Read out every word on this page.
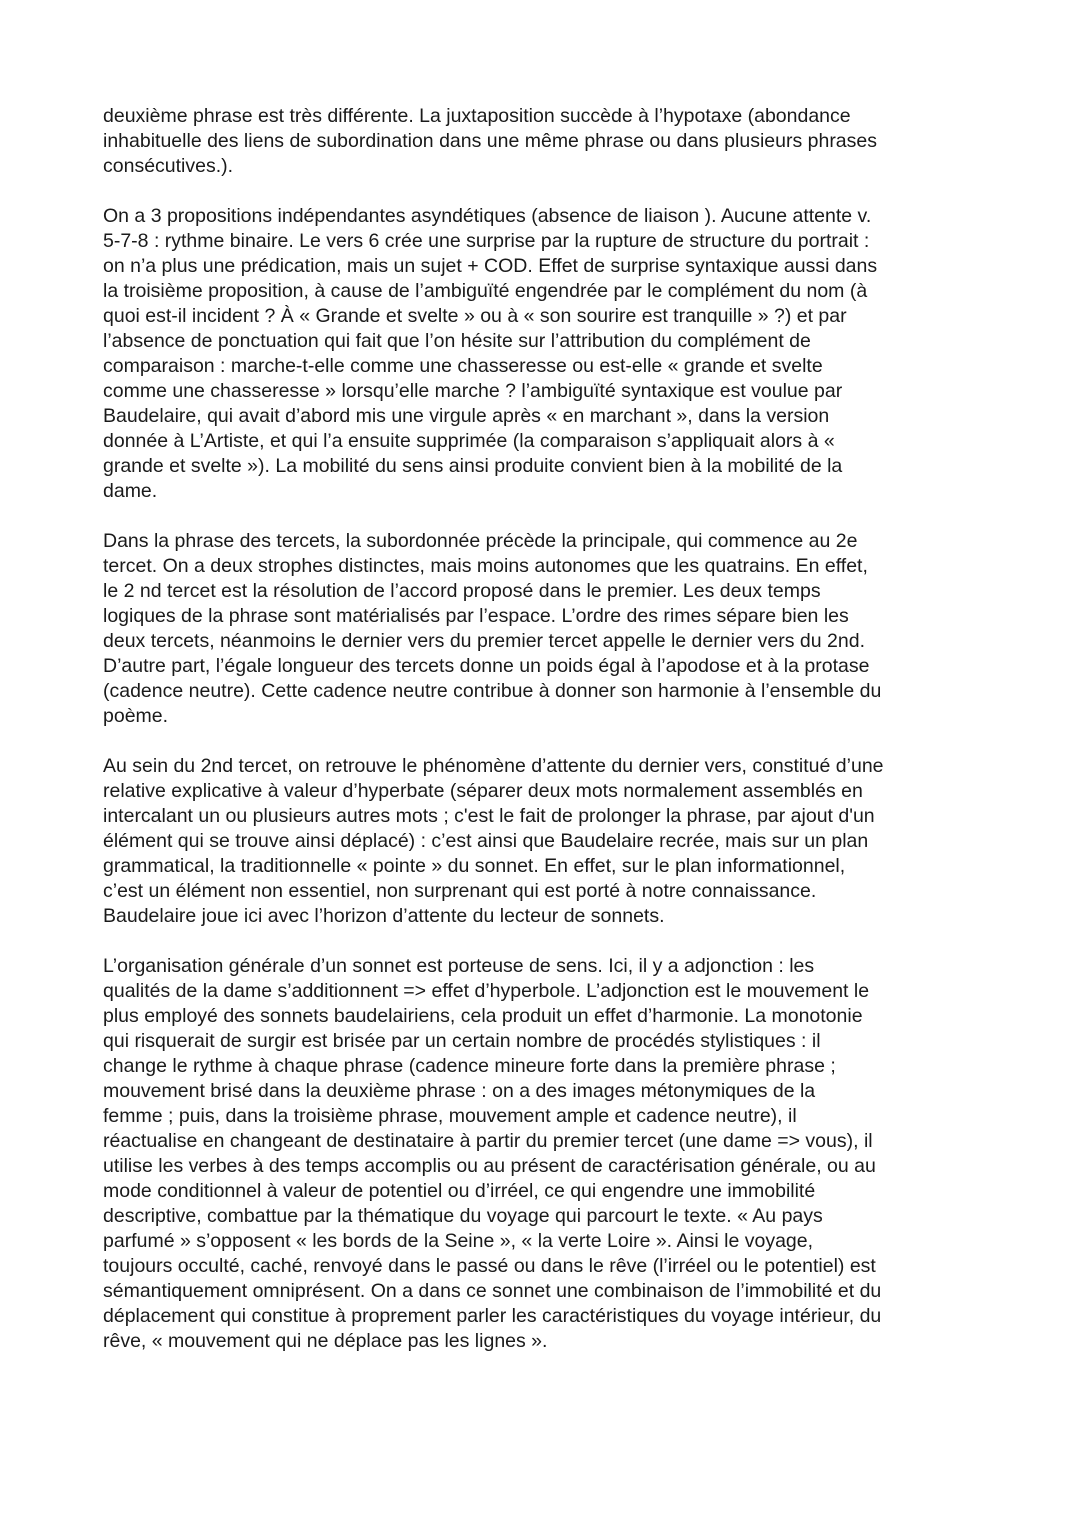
deuxième phrase est très différente. La juxtaposition succède à l’hypotaxe (abondance
inhabituelle des liens de subordination dans une même phrase ou dans plusieurs phrases
consécutives.).

On a 3 propositions indépendantes asyndétiques (absence de liaison ). Aucune attente v.
5-7-8 : rythme binaire. Le vers 6 crée une surprise par la rupture de structure du portrait :
on n’a plus une prédication, mais un sujet + COD. Effet de surprise syntaxique aussi dans
la troisième proposition, à cause de l’ambiguïté engendrée par le complément du nom (à
quoi est-il incident ? À « Grande et svelte » ou à « son sourire est tranquille » ?) et par
l’absence de ponctuation qui fait que l’on hésite sur l’attribution du complément de
comparaison : marche-t-elle comme une chasseresse ou est-elle « grande et svelte
comme une chasseresse » lorsqu’elle marche ? l’ambiguïté syntaxique est voulue par
Baudelaire, qui avait d’abord mis une virgule après « en marchant », dans la version
donnée à L’Artiste, et qui l’a ensuite supprimée (la comparaison s’appliquait alors à «
grande et svelte »). La mobilité du sens ainsi produite convient bien à la mobilité de la
dame.

Dans la phrase des tercets, la subordonnée précède la principale, qui commence au 2e
tercet. On a deux strophes distinctes, mais moins autonomes que les quatrains. En effet,
le 2 nd tercet est la résolution de l’accord proposé dans le premier. Les deux temps
logiques de la phrase sont matérialisés par l’espace. L’ordre des rimes sépare bien les
deux tercets, néanmoins le dernier vers du premier tercet appelle le dernier vers du 2nd.
D’autre part, l’égale longueur des tercets donne un poids égal à l’apodose et à la protase
(cadence neutre). Cette cadence neutre contribue à donner son harmonie à l’ensemble du
poème.

Au sein du 2nd tercet, on retrouve le phénomène d’attente du dernier vers, constitué d’une
relative explicative à valeur d’hyperbate (séparer deux mots normalement assemblés en
intercalant un ou plusieurs autres mots ; c'est le fait de prolonger la phrase, par ajout d'un
élément qui se trouve ainsi déplacé) : c’est ainsi que Baudelaire recrée, mais sur un plan
grammatical, la traditionnelle « pointe » du sonnet. En effet, sur le plan informationnel,
c’est un élément non essentiel, non surprenant qui est porté à notre connaissance.
Baudelaire joue ici avec l’horizon d’attente du lecteur de sonnets.

L’organisation générale d’un sonnet est porteuse de sens. Ici, il y a adjonction : les
qualités de la dame s’additionnent => effet d’hyperbole. L’adjonction est le mouvement le
plus employé des sonnets baudelairiens, cela produit un effet d’harmonie. La monotonie
qui risquerait de surgir est brisée par un certain nombre de procédés stylistiques : il
change le rythme à chaque phrase (cadence mineure forte dans la première phrase ;
mouvement brisé dans la deuxième phrase : on a des images métonymiques de la
femme ; puis, dans la troisième phrase, mouvement ample et cadence neutre), il
réactualise en changeant de destinataire à partir du premier tercet (une dame => vous), il
utilise les verbes à des temps accomplis ou au présent de caractérisation générale, ou au
mode conditionnel à valeur de potentiel ou d’irréel, ce qui engendre une immobilité
descriptive, combattue par la thématique du voyage qui parcourt le texte. « Au pays
parfumé » s’opposent « les bords de la Seine », « la verte Loire ». Ainsi le voyage,
toujours occulté, caché, renvoyé dans le passé ou dans le rêve (l’irréel ou le potentiel) est
sémantiquement omniprésent. On a dans ce sonnet une combinaison de l’immobilité et du
déplacement qui constitue à proprement parler les caractéristiques du voyage intérieur, du
rêve, « mouvement qui ne déplace pas les lignes ».
